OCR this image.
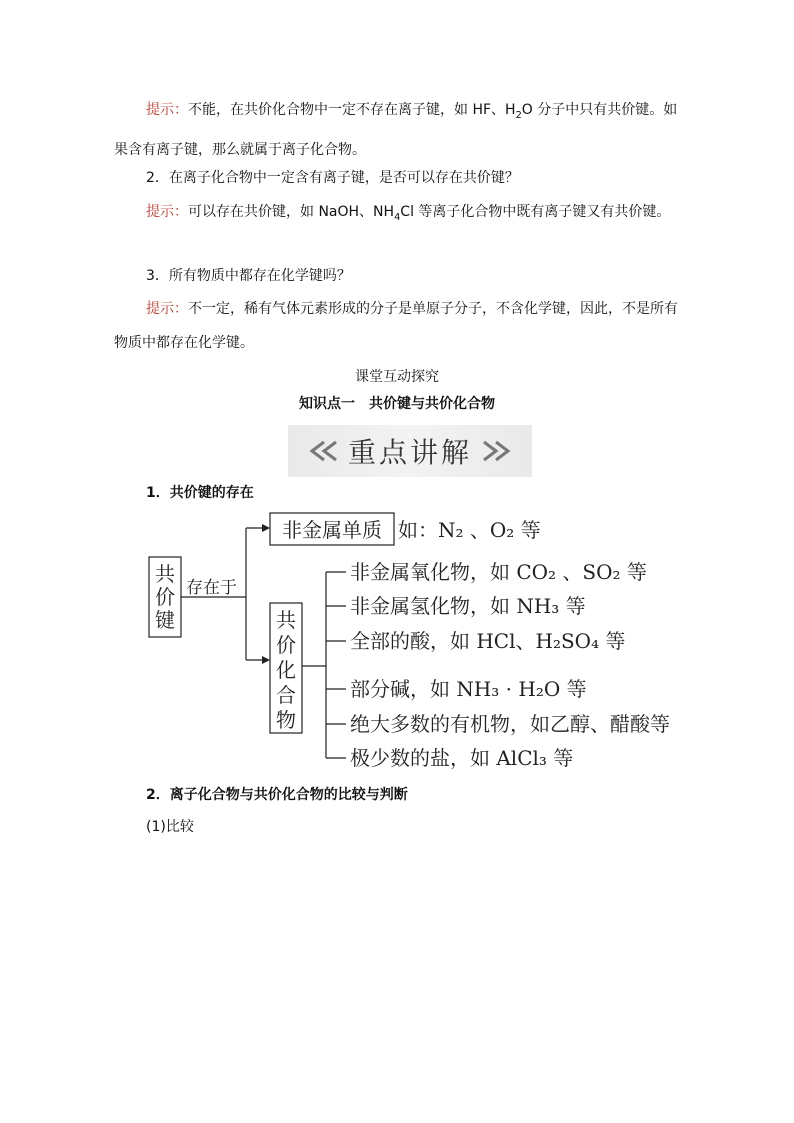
提示：不能，在共价化合物中一定不存在离子键，如 HF、$H_2O$ 分子中只有共价键。如果含有离子键，那么就属于离子化合物。

2．在离子化合物中一定含有离子键，是否可以存在共价键？

提示：可以存在共价键，如 NaOH、$NH_4Cl$ 等离子化合物中既有离子键又有共价键。

3．所有物质中都存在化学键吗？

提示：不一定，稀有气体元素形成的分子是单原子分子，不含化学键，因此，不是所有物质中都存在化学键。

课堂互动探究
知识点一　共价键与共价化合物
重点讲解
1．共价键的存在
共
价
键
存在于
非金属单质 如：N₂ 、O₂ 等
共
价
化
合
物
非金属氧化物，如 CO₂ 、SO₂ 等
非金属氢化物，如 NH₃ 等
全部的酸，如 HCl、H₂SO₄ 等
部分碱，如 NH₃ · H₂O 等
绝大多数的有机物，如乙醇、醋酸等
极少数的盐，如 AlCl₃ 等
2．离子化合物与共价化合物的比较与判断
(1)比较
